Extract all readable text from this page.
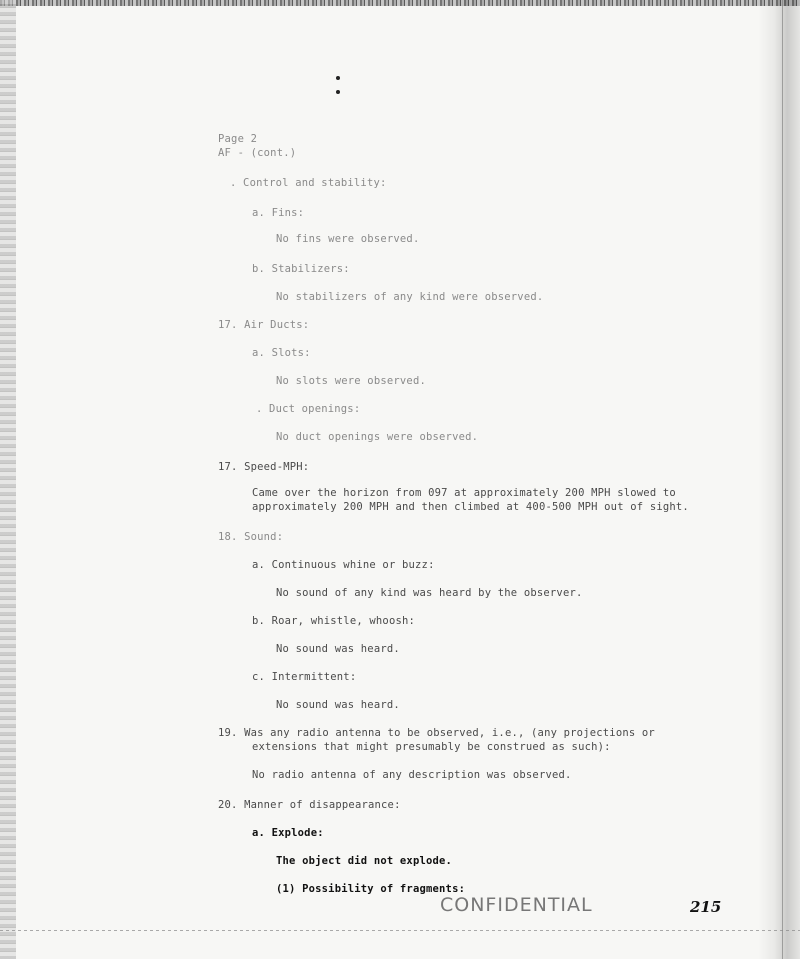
Page 2
AF - (cont.)
. Control and stability:
a. Fins:
No fins were observed.
b. Stabilizers:
No stabilizers of any kind were observed.
17. Air Ducts:
a. Slots:
No slots were observed.
. Duct openings:
No duct openings were observed.
17. Speed-MPH:
Came over the horizon from 097 at approximately 200 MPH slowed to
approximately 200 MPH and then climbed at 400-500 MPH out of sight.
18. Sound:
a. Continuous whine or buzz:
No sound of any kind was heard by the observer.
b. Roar, whistle, whoosh:
No sound was heard.
c. Intermittent:
No sound was heard.
19. Was any radio antenna to be observed, i.e., (any projections or
extensions that might presumably be construed as such):
No radio antenna of any description was observed.
20. Manner of disappearance:
a. Explode:
The object did not explode.
(1) Possibility of fragments:
CONFIDENTIAL	215
